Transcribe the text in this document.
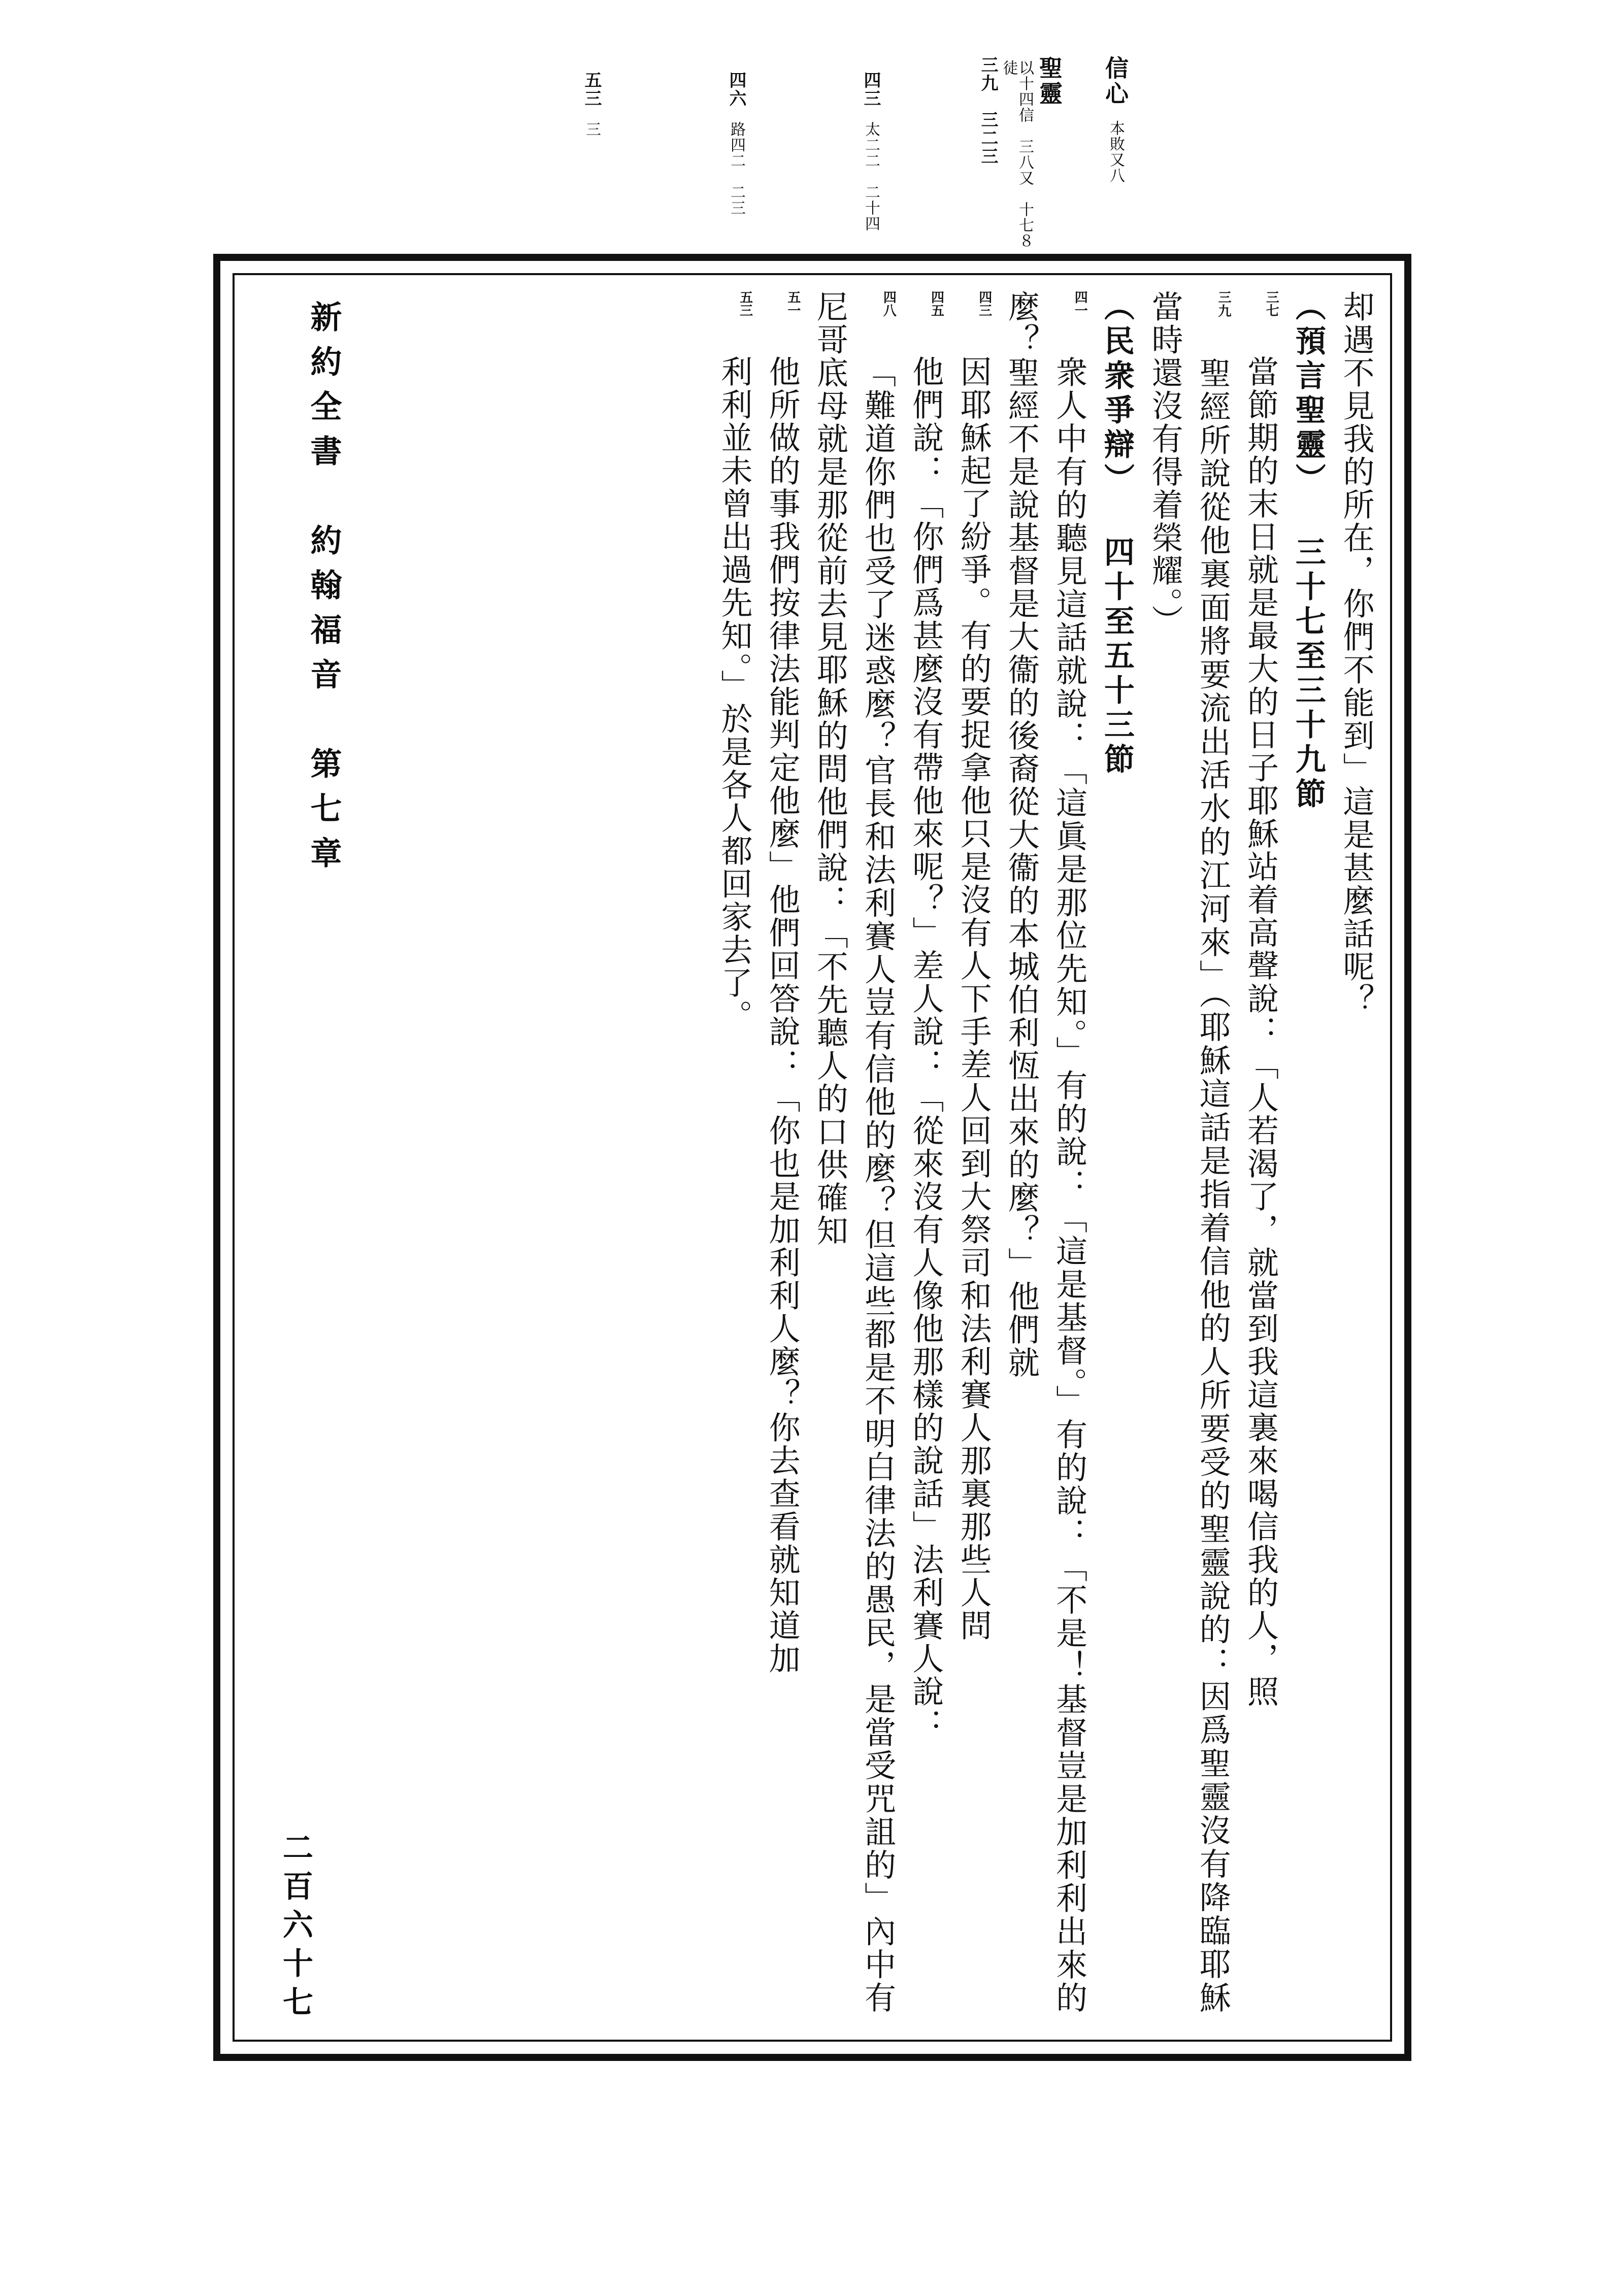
信心 本敗又八
聖靈 以十四信　三八又　十七８徒 三九　三二三
四三 太二二　二十四
四六 路四二　二三
五三 三
新約全書　約翰福音　第七章
二百六十七

却遇不見我的所在，你們不能到」這是甚麼話呢？

（預言聖靈） 三十七至三十九節

$^{三七}$ 當節期的末日就是最大的日子耶穌站着高聲說：「人若渴了，就當到我這裏來喝信我的人，照

$^{三九}$ 聖經所說從他裏面將要流出活水的江河來」（耶穌這話是指着信他的人所要受的聖靈說的：因爲聖靈沒有降臨耶穌當時還沒有得着榮耀。）

（民衆爭辯） 四十至五十三節

$^{四一}$ 衆人中有的聽見這話就說：「這眞是那位先知。」有的說：「這是基督。」有的說：「不是！基督豈是加利利出來的麼？聖經不是說基督是大衞的後裔從大衞的本城伯利恆出來的麼？」他們就

$^{四三}$ 因耶穌起了紛爭。有的要捉拿他只是沒有人下手差人回到大祭司和法利賽人那裏那些人問

$^{四五}$ 他們說：「你們爲甚麼沒有帶他來呢？」差人說：「從來沒有人像他那樣的說話」法利賽人說：

$^{四八}$ 「難道你們也受了迷惑麼？官長和法利賽人豈有信他的麼？但這些都是不明白律法的愚民，是當受咒詛的」內中有尼哥底母就是那從前去見耶穌的問他們說：「不先聽人的口供確知

$^{五一}$ 他所做的事我們按律法能判定他麼」他們回答說：「你也是加利利人麼？你去查看就知道加

$^{五三}$ 利利並未曾出過先知。」於是各人都回家去了。
